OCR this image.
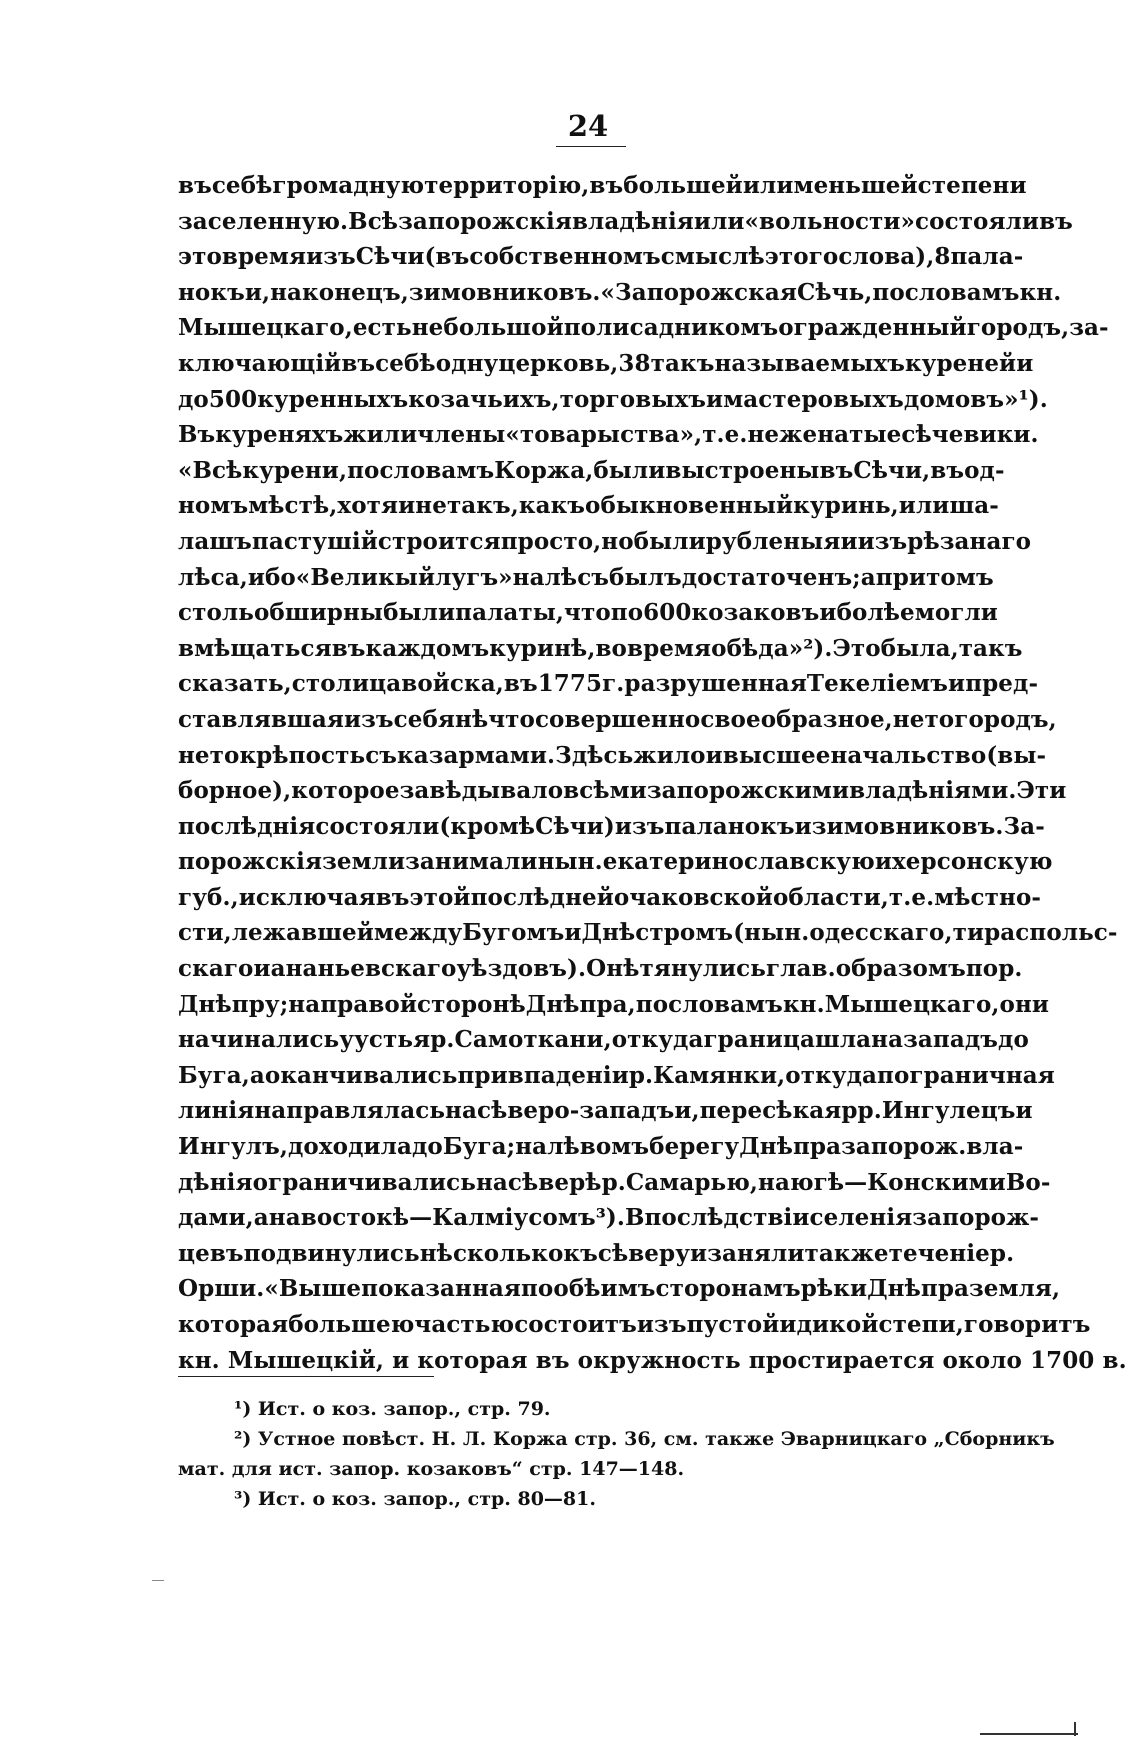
24
въ себѣ громадную территорію, въ большей или меньшей степени
заселенную. Всѣ запорожскія владѣнія или «вольности» состояли въ
это время изъ Сѣчи (въ собственномъ смыслѣ этого слова), 8 пала-
нокъ и, наконецъ, зимовниковъ. «Запорожская Сѣчь, по словамъ кн.
Мышецкаго, есть небольшой полисадникомъ огражденный городъ, за-
ключающій въ себѣ одну церковь, 38 такъ называемыхъ куреней и
до 500 куренныхъ козачьихъ, торговыхъ и мастеровыхъ домовъ» ¹).
Въ куреняхъ жили члены «товарыства», т. е. неженатые сѣчевики.
«Всѣ курени, по словамъ Коржа, были выстроены въ Сѣчи, въ од-
номъ мѣстѣ, хотя и не такъ, какъ обыкновенный куринь, или ша-
лашъ пастушій строится просто, но были рубленыя и изъ рѣзанаго
лѣса, ибо «Великый лугъ» на лѣсъ былъ достаточенъ; а при томъ
столь обширны были палаты, что по 600 козаковъ и болѣе могли
вмѣщаться въ каждомъ куринѣ, во время обѣда» ²). Это была, такъ
сказать, столица войска, въ 1775 г. разрушенная Текеліемъ и пред-
ставлявшая изъ себя нѣчто совершенно своеобразное, не то городъ,
не то крѣпость съ казармами. Здѣсь жило и высшее начальство (вы-
борное), которое завѣдывало всѣми запорожскими владѣніями. Эти
послѣднія состояли (кромѣ Сѣчи) изъ паланокъ и зимовниковъ. За-
порожскія земли занимали нын. екатеринославскую и херсонскую
губ., исключая въ этой послѣдней очаковской области, т. е. мѣстно-
сти, лежавшей между Бугомъ и Днѣстромъ (нын. одесскаго, тираспольс-
скаго и ананьевскаго уѣздовъ). Онѣ тянулись глав. образомъ по р.
Днѣпру; на правой сторонѣ Днѣпра, по словамъ кн. Мышецкаго, они
начинались у устья р. Самоткани, откуда граница шла на западъ до
Буга, а оканчивались при впаденіи р. Камянки, откуда пограничная
линія направлялась на сѣверо-западъ и, пересѣкая рр. Ингулецъ и
Ингулъ, доходила до Буга; на лѣвомъ берегу Днѣпра запорож. вла-
дѣнія ограничивались на сѣверѣ р. Самарью, на югѣ—Конскими Во-
дами, а на востокѣ—Калміусомъ ³). Впослѣдствіи селенія запорож-
цевъ подвинулись нѣсколько къ сѣверу и заняли также теченіе р.
Орши. «Выше показанная по обѣимъ сторонамъ рѣки Днѣпра земля,
которая большею частью состоитъ изъ пустой и дикой степи, говоритъ
кн. Мышецкій, и которая въ окружность простирается около 1700 в.
¹) Ист. о коз. запор., стр. 79.
²) Устное повѣст. Н. Л. Коржа стр. 36, см. также Эварницкаго „Сборникъ
мат. для ист. запор. козаковъ“ стр. 147—148.
³) Ист. о коз. запор., стр. 80—81.
